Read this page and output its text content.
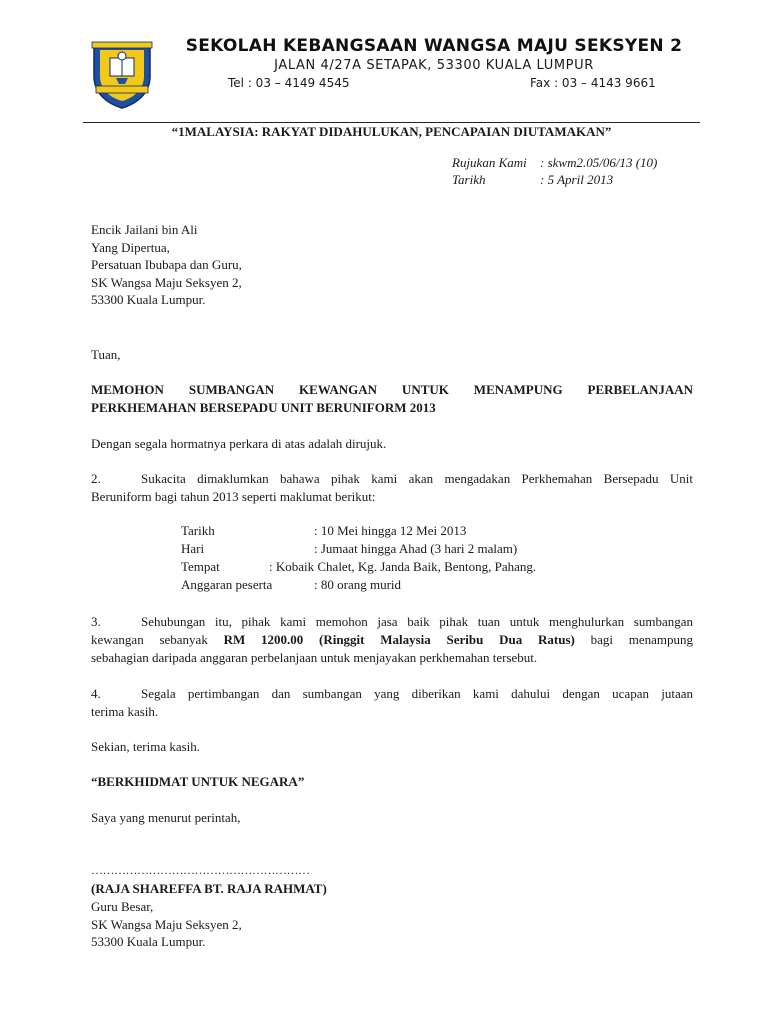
SEKOLAH KEBANGSAAN WANGSA MAJU SEKSYEN 2
JALAN 4/27A SETAPAK, 53300 KUALA LUMPUR
Tel : 03 – 4149 4545	Fax : 03 – 4143 9661
“1MALAYSIA: RAKYAT DIDAHULUKAN, PENCAPAIAN DIUTAMAKAN”
Rujukan Kami : skwm2.05/06/13 (10)
Tarikh	: 5 April 2013
Encik Jailani bin Ali
Yang Dipertua,
Persatuan Ibubapa dan Guru,
SK Wangsa Maju Seksyen 2,
53300 Kuala Lumpur.
Tuan,
MEMOHON SUMBANGAN KEWANGAN UNTUK MENAMPUNG PERBELANJAAN
PERKHEMAHAN BERSEPADU UNIT BERUNIFORM 2013
Dengan segala hormatnya perkara di atas adalah dirujuk.
2.	Sukacita dimaklumkan bahawa pihak kami akan mengadakan Perkhemahan Bersepadu Unit
Beruniform bagi tahun 2013 seperti maklumat berikut:
Tarikh	: 10 Mei hingga 12 Mei 2013
Hari	: Jumaat hingga Ahad (3 hari 2 malam)
Tempat	: Kobaik Chalet, Kg. Janda Baik, Bentong, Pahang.
Anggaran peserta	: 80 orang murid
3.	Sehubungan itu, pihak kami memohon jasa baik pihak tuan untuk menghulurkan sumbangan
kewangan sebanyak RM 1200.00 (Ringgit Malaysia Seribu Dua Ratus) bagi menampung
sebahagian daripada anggaran perbelanjaan untuk menjayakan perkhemahan tersebut.
4.	Segala pertimbangan dan sumbangan yang diberikan kami dahului dengan ucapan jutaan
terima kasih.
Sekian, terima kasih.
“BERKHIDMAT UNTUK NEGARA”
Saya yang menurut perintah,
…………………………………………………
(RAJA SHAREFFA BT. RAJA RAHMAT)
Guru Besar,
SK Wangsa Maju Seksyen 2,
53300 Kuala Lumpur.
